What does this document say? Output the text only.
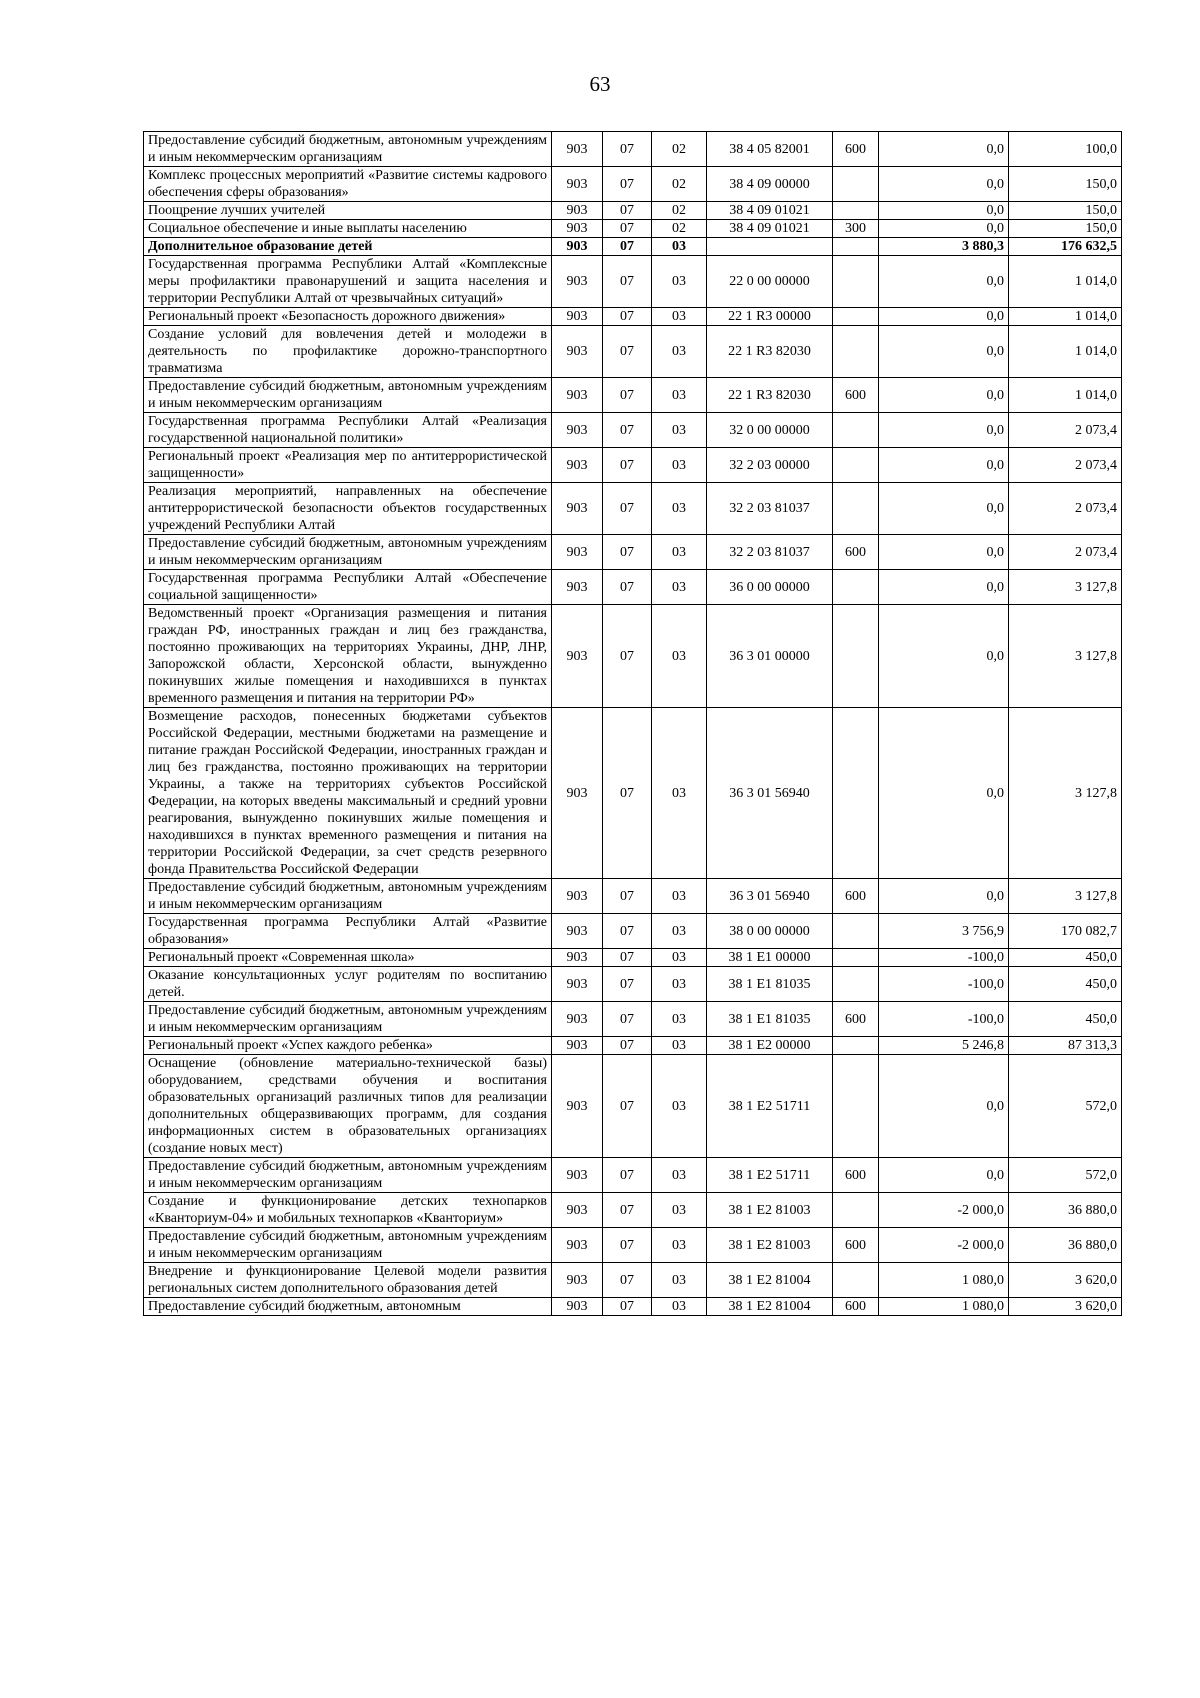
63
Предоставление субсидий бюджетным, автономным учреждениям и иным некоммерческим организациям	903	07	02	38 4 05 82001	600	0,0	100,0
Комплекс процессных мероприятий «Развитие системы кадрового обеспечения сферы образования»	903	07	02	38 4 09 00000		0,0	150,0
Поощрение лучших учителей	903	07	02	38 4 09 01021		0,0	150,0
Социальное обеспечение и иные выплаты населению	903	07	02	38 4 09 01021	300	0,0	150,0
Дополнительное образование детей	903	07	03			3 880,3	176 632,5
Государственная программа Республики Алтай «Комплексные меры профилактики правонарушений и защита населения и территории Республики Алтай от чрезвычайных ситуаций»	903	07	03	22 0 00 00000		0,0	1 014,0
Региональный проект «Безопасность дорожного движения»	903	07	03	22 1 R3 00000		0,0	1 014,0
Создание условий для вовлечения детей и молодежи в деятельность по профилактике дорожно-транспортного травматизма	903	07	03	22 1 R3 82030		0,0	1 014,0
Предоставление субсидий бюджетным, автономным учреждениям и иным некоммерческим организациям	903	07	03	22 1 R3 82030	600	0,0	1 014,0
Государственная программа Республики Алтай «Реализация государственной национальной политики»	903	07	03	32 0 00 00000		0,0	2 073,4
Региональный проект «Реализация мер по антитеррористической защищенности»	903	07	03	32 2 03 00000		0,0	2 073,4
Реализация мероприятий, направленных на обеспечение антитеррористической безопасности объектов государственных учреждений Республики Алтай	903	07	03	32 2 03 81037		0,0	2 073,4
Предоставление субсидий бюджетным, автономным учреждениям и иным некоммерческим организациям	903	07	03	32 2 03 81037	600	0,0	2 073,4
Государственная программа Республики Алтай «Обеспечение социальной защищенности»	903	07	03	36 0 00 00000		0,0	3 127,8
Ведомственный проект «Организация размещения и питания граждан РФ, иностранных граждан и лиц без гражданства, постоянно проживающих на территориях Украины, ДНР, ЛНР, Запорожской области, Херсонской области, вынужденно покинувших жилые помещения и находившихся в пунктах временного размещения и питания на территории РФ»	903	07	03	36 3 01 00000		0,0	3 127,8
Возмещение расходов, понесенных бюджетами субъектов Российской Федерации, местными бюджетами на размещение и питание граждан Российской Федерации, иностранных граждан и лиц без гражданства, постоянно проживающих на территории Украины, а также на территориях субъектов Российской Федерации, на которых введены максимальный и средний уровни реагирования, вынужденно покинувших жилые помещения и находившихся в пунктах временного размещения и питания на территории Российской Федерации, за счет средств резервного фонда Правительства Российской Федерации	903	07	03	36 3 01 56940		0,0	3 127,8
Предоставление субсидий бюджетным, автономным учреждениям и иным некоммерческим организациям	903	07	03	36 3 01 56940	600	0,0	3 127,8
Государственная программа Республики Алтай «Развитие образования»	903	07	03	38 0 00 00000		3 756,9	170 082,7
Региональный проект «Современная школа»	903	07	03	38 1 E1 00000		-100,0	450,0
Оказание консультационных услуг родителям по воспитанию детей.	903	07	03	38 1 E1 81035		-100,0	450,0
Предоставление субсидий бюджетным, автономным учреждениям и иным некоммерческим организациям	903	07	03	38 1 E1 81035	600	-100,0	450,0
Региональный проект «Успех каждого ребенка»	903	07	03	38 1 E2 00000		5 246,8	87 313,3
Оснащение (обновление материально-технической базы) оборудованием, средствами обучения и воспитания образовательных организаций различных типов для реализации дополнительных общеразвивающих программ, для создания информационных систем в образовательных организациях (создание новых мест)	903	07	03	38 1 E2 51711		0,0	572,0
Предоставление субсидий бюджетным, автономным учреждениям и иным некоммерческим организациям	903	07	03	38 1 E2 51711	600	0,0	572,0
Создание и функционирование детских технопарков «Кванториум-04» и мобильных технопарков «Кванториум»	903	07	03	38 1 E2 81003		-2 000,0	36 880,0
Предоставление субсидий бюджетным, автономным учреждениям и иным некоммерческим организациям	903	07	03	38 1 E2 81003	600	-2 000,0	36 880,0
Внедрение и функционирование Целевой модели развития региональных систем дополнительного образования детей	903	07	03	38 1 E2 81004		1 080,0	3 620,0
Предоставление субсидий бюджетным, автономным	903	07	03	38 1 E2 81004	600	1 080,0	3 620,0
